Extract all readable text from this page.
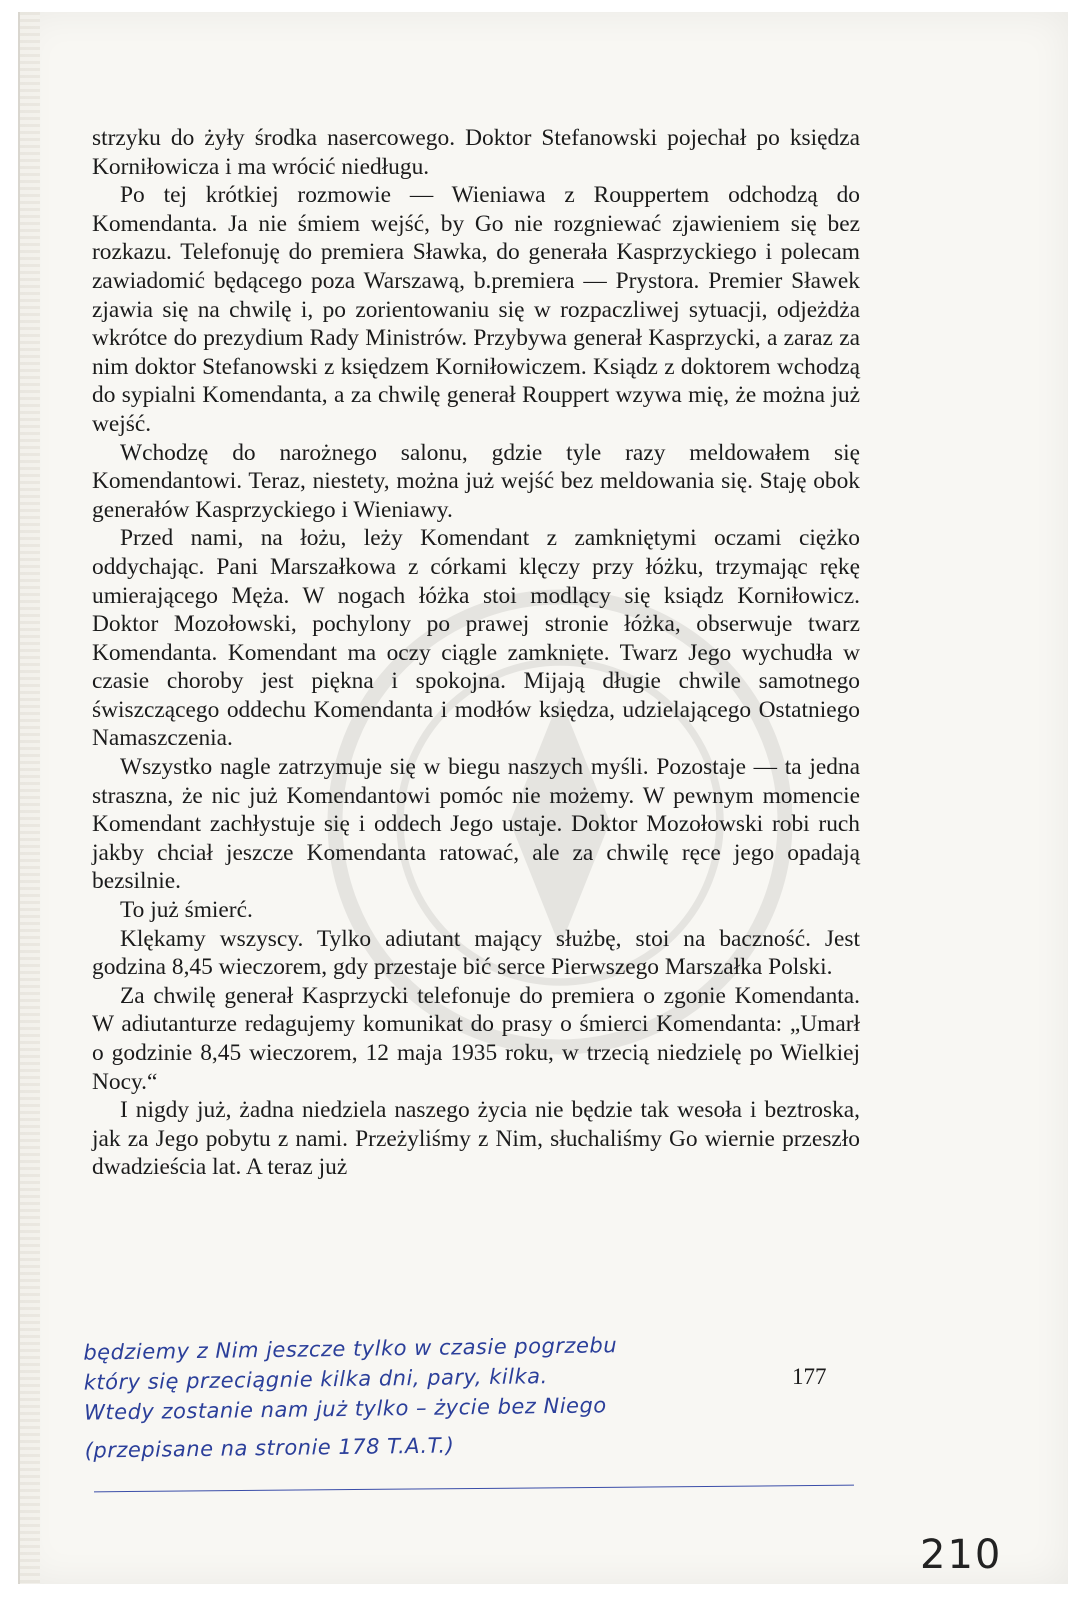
strzyku do żyły środka nasercowego. Doktor Stefanowski pojechał po księdza Korniłowicza i ma wrócić niedługu.

Po tej krótkiej rozmowie — Wieniawa z Rouppertem odchodzą do Komendanta. Ja nie śmiem wejść, by Go nie rozgniewać zjawieniem się bez rozkazu. Telefonuję do premiera Sławka, do generała Kasprzyckiego i polecam zawiadomić będącego poza Warszawą, b.premiera — Prystora. Premier Sławek zjawia się na chwilę i, po zorientowaniu się w rozpaczliwej sytuacji, odjeżdża wkrótce do prezydium Rady Ministrów. Przybywa generał Kasprzycki, a zaraz za nim doktor Stefanowski z księdzem Korniłowiczem. Ksiądz z doktorem wchodzą do sypialni Komendanta, a za chwilę generał Rouppert wzywa mię, że można już wejść.

Wchodzę do narożnego salonu, gdzie tyle razy meldowałem się Komendantowi. Teraz, niestety, można już wejść bez meldowania się. Staję obok generałów Kasprzyckiego i Wieniawy.

Przed nami, na łożu, leży Komendant z zamkniętymi oczami ciężko oddychając. Pani Marszałkowa z córkami klęczy przy łóżku, trzymając rękę umierającego Męża. W nogach łóżka stoi modlący się ksiądz Korniłowicz. Doktor Mozołowski, pochylony po prawej stronie łóżka, obserwuje twarz Komendanta. Komendant ma oczy ciągle zamknięte. Twarz Jego wychudła w czasie choroby jest piękna i spokojna. Mijają długie chwile samotnego świszczącego oddechu Komendanta i modłów księdza, udzielającego Ostatniego Namaszczenia.

Wszystko nagle zatrzymuje się w biegu naszych myśli. Pozostaje — ta jedna straszna, że nic już Komendantowi pomóc nie możemy. W pewnym momencie Komendant zachłystuje się i oddech Jego ustaje. Doktor Mozołowski robi ruch jakby chciał jeszcze Komendanta ratować, ale za chwilę ręce jego opadają bezsilnie.

To już śmierć.

Klękamy wszyscy. Tylko adiutant mający służbę, stoi na baczność. Jest godzina 8,45 wieczorem, gdy przestaje bić serce Pierwszego Marszałka Polski.

Za chwilę generał Kasprzycki telefonuje do premiera o zgonie Komendanta. W adiutanturze redagujemy komunikat do prasy o śmierci Komendanta: „Umarł o godzinie 8,45 wieczorem, 12 maja 1935 roku, w trzecią niedzielę po Wielkiej Nocy.“

I nigdy już, żadna niedziela naszego życia nie będzie tak wesoła i beztroska, jak za Jego pobytu z nami. Przeżyliśmy z Nim, słuchaliśmy Go wiernie przeszło dwadzieścia lat. A teraz już

177
będziemy z Nim jeszcze tylko w czasie pogrzebu
który się przeciągnie kilka dni, pary, kilka.
Wtedy zostanie nam już tylko – życie bez Niego
(przepisane na stronie 178 T.A.T.)
210
